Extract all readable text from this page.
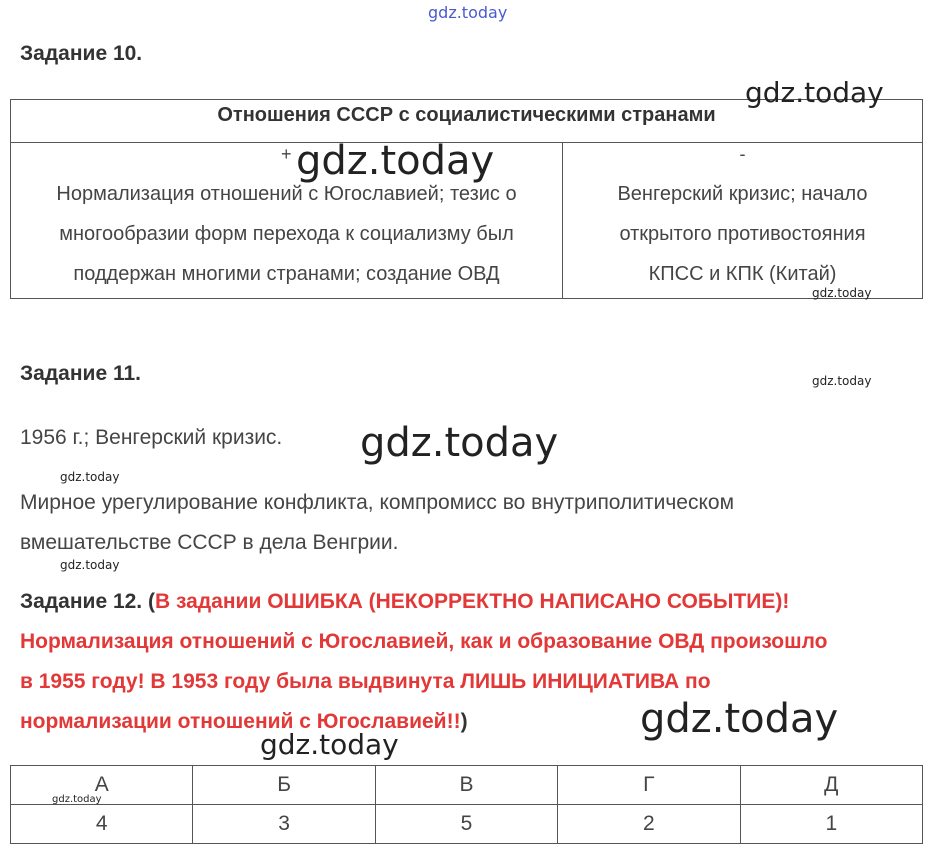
gdz.today
Задание 10.
Отношения СССР с социалистическими странами
+
Нормализация отношений с Югославией; тезис о
многообразии форм перехода к социализму был
поддержан многими странами; создание ОВД
-
Венгерский кризис; начало
открытого противостояния
КПСС и КПК (Китай)
gdz.today
gdz.today
gdz.today
Задание 11.	gdz.today
1956 г.; Венгерский кризис. gdz.today
gdz.today
Мирное урегулирование конфликта, компромисс во внутриполитическом
вмешательстве СССР в дела Венгрии.
gdz.today
Задание 12. (В задании ОШИБКА (НЕКОРРЕКТНО НАПИСАНО СОБЫТИЕ)!
Нормализация отношений с Югославией, как и образование ОВД произошло
в 1955 году! В 1953 году была выдвинута ЛИШЬ ИНИЦИАТИВА по
нормализации отношений с Югославией!!)	gdz.today
gdz.today
А	Б	В	Г	Д
4	3	5	2	1
gdz.today
